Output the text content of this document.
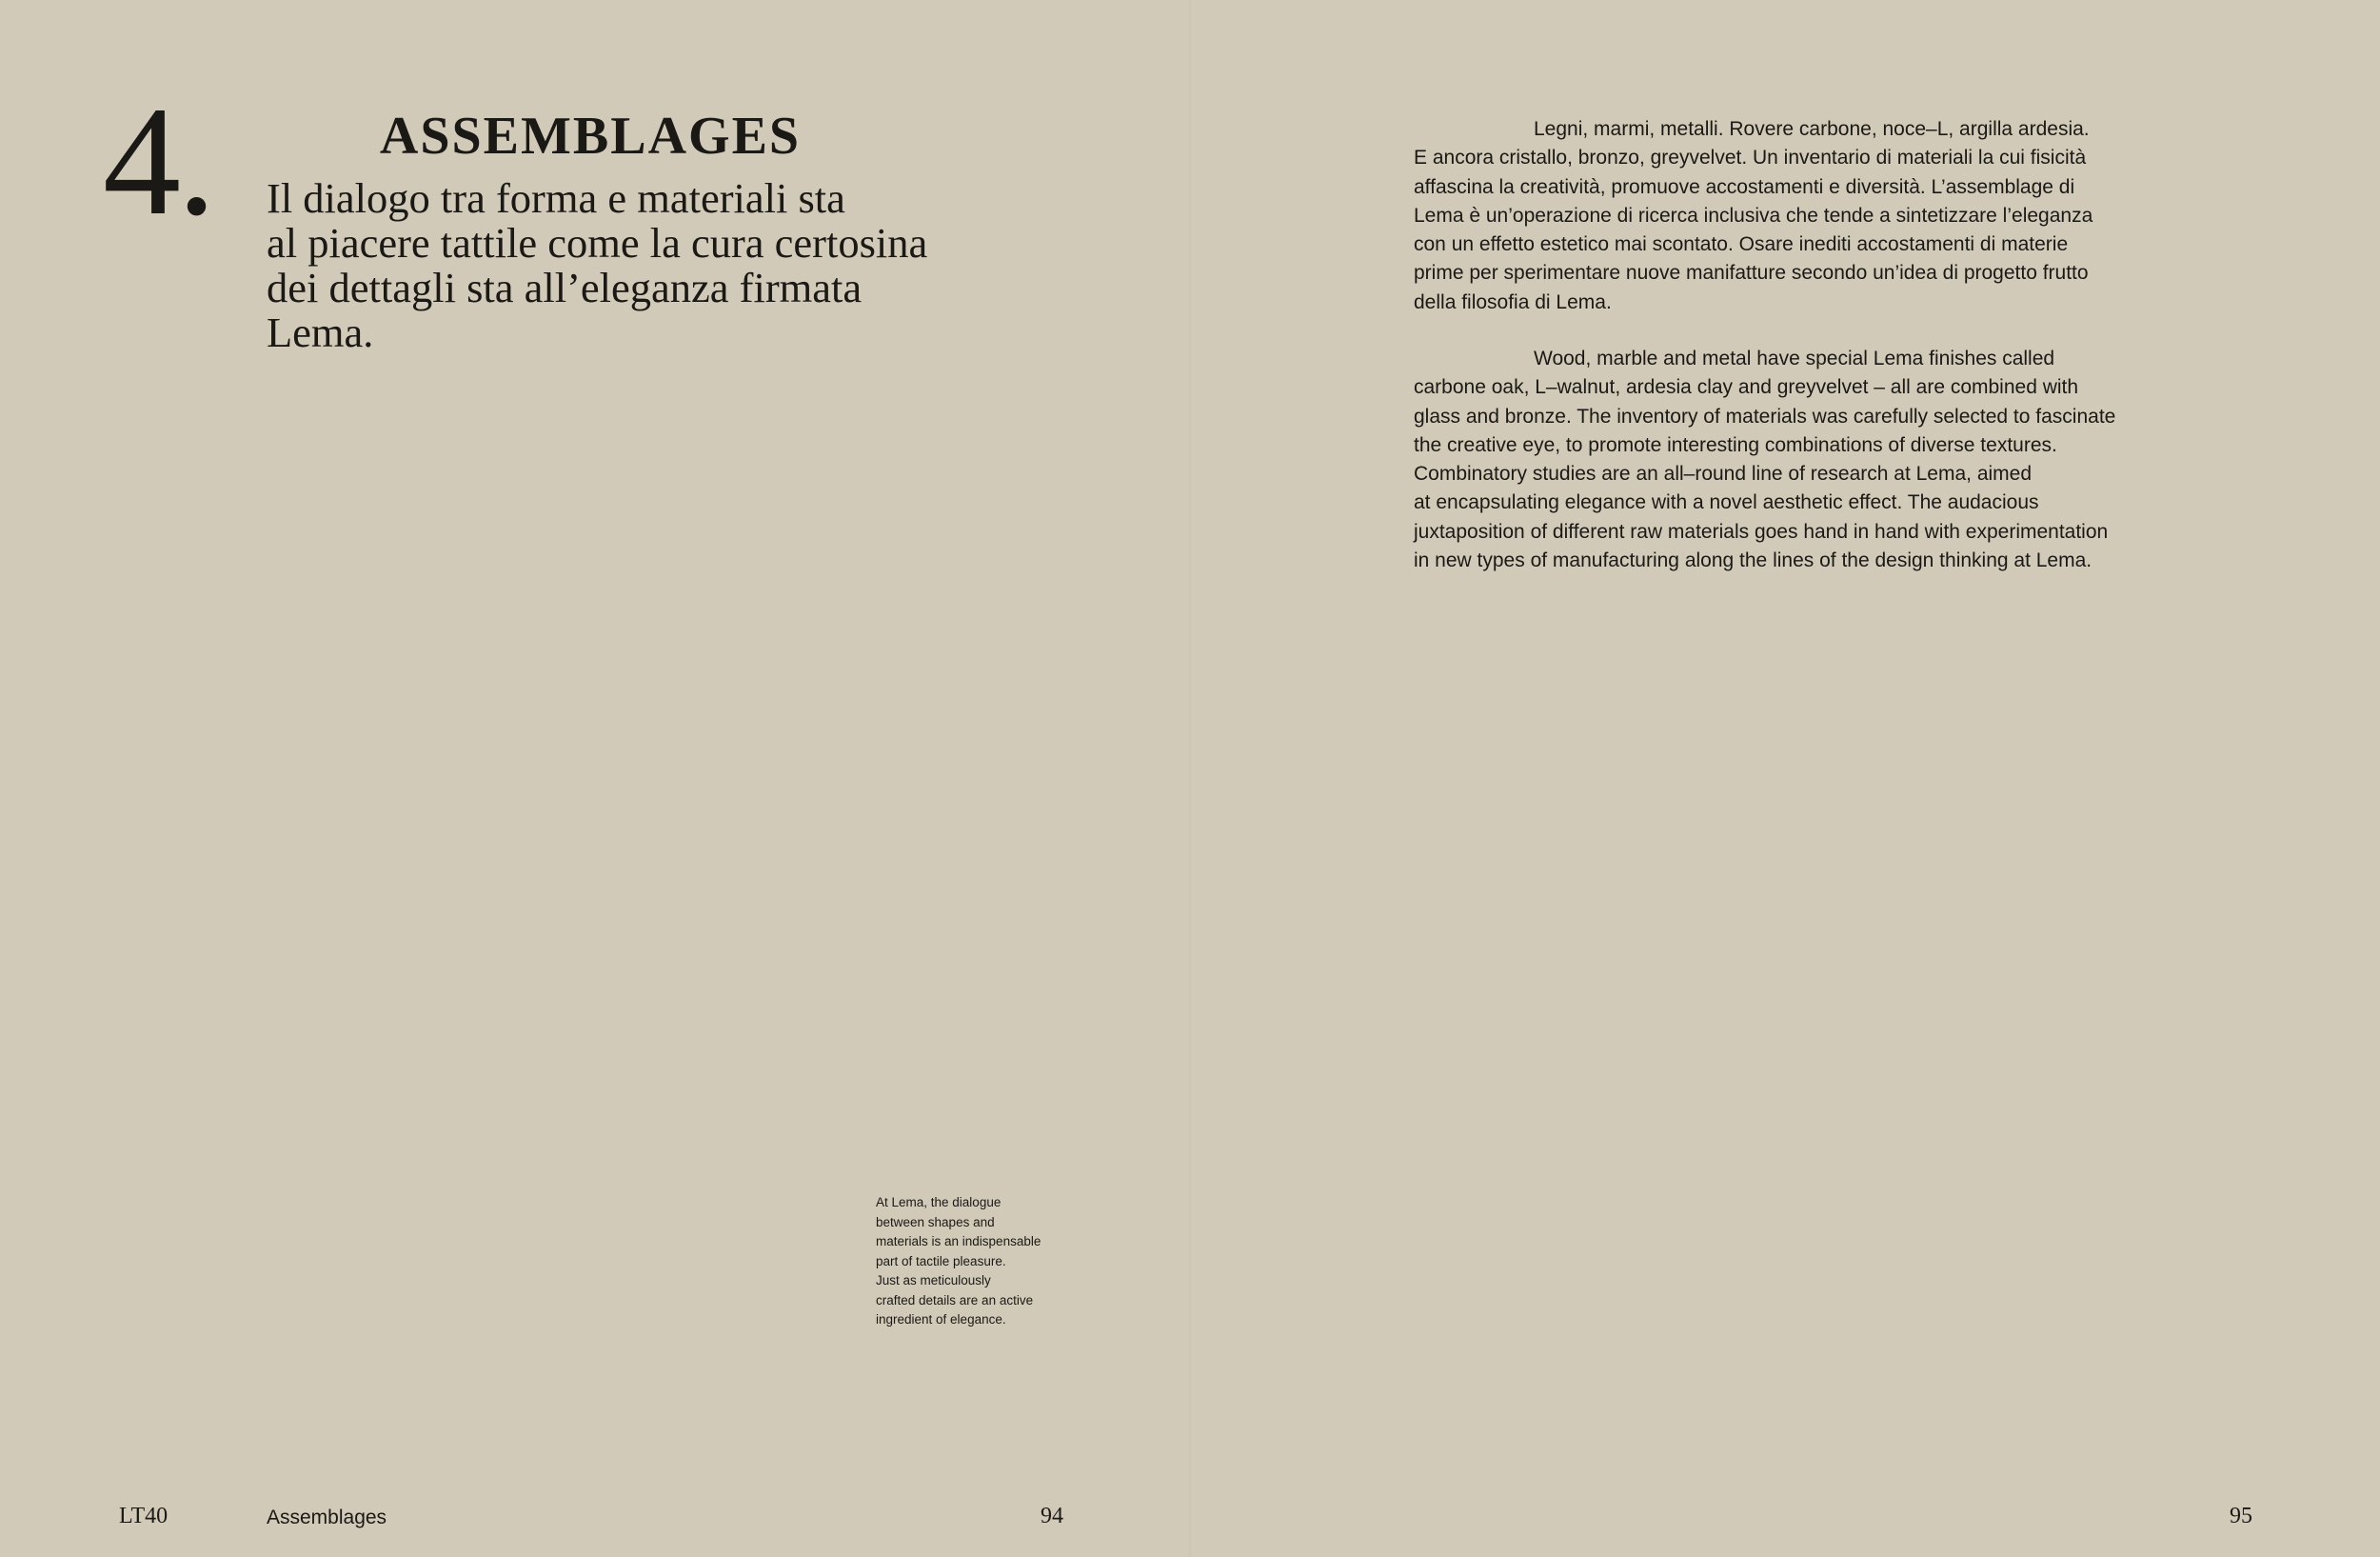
4.	ASSEMBLAGES
Il dialogo tra forma e materiali sta
al piacere tattile come la cura certosina
dei dettagli sta all’eleganza firmata
Lema.
Legni, marmi, metalli. Rovere carbone, noce–L, argilla ardesia.
E ancora cristallo, bronzo, greyvelvet. Un inventario di materiali la cui fisicità
affascina la creatività, promuove accostamenti e diversità. L’assemblage di
Lema è un’operazione di ricerca inclusiva che tende a sintetizzare l’eleganza
con un effetto estetico mai scontato. Osare inediti accostamenti di materie
prime per sperimentare nuove manifatture secondo un’idea di progetto frutto
della filosofia di Lema.
Wood, marble and metal have special Lema finishes called
carbone oak, L–walnut, ardesia clay and greyvelvet – all are combined with
glass and bronze. The inventory of materials was carefully selected to fascinate
the creative eye, to promote interesting combinations of diverse textures.
Combinatory studies are an all–round line of research at Lema, aimed
at encapsulating elegance with a novel aesthetic effect. The audacious
juxtaposition of different raw materials goes hand in hand with experimentation
in new types of manufacturing along the lines of the design thinking at Lema.
At Lema, the dialogue
between shapes and
materials is an indispensable
part of tactile pleasure.
Just as meticulously
crafted details are an active
ingredient of elegance.
LT40	Assemblages	94	95
